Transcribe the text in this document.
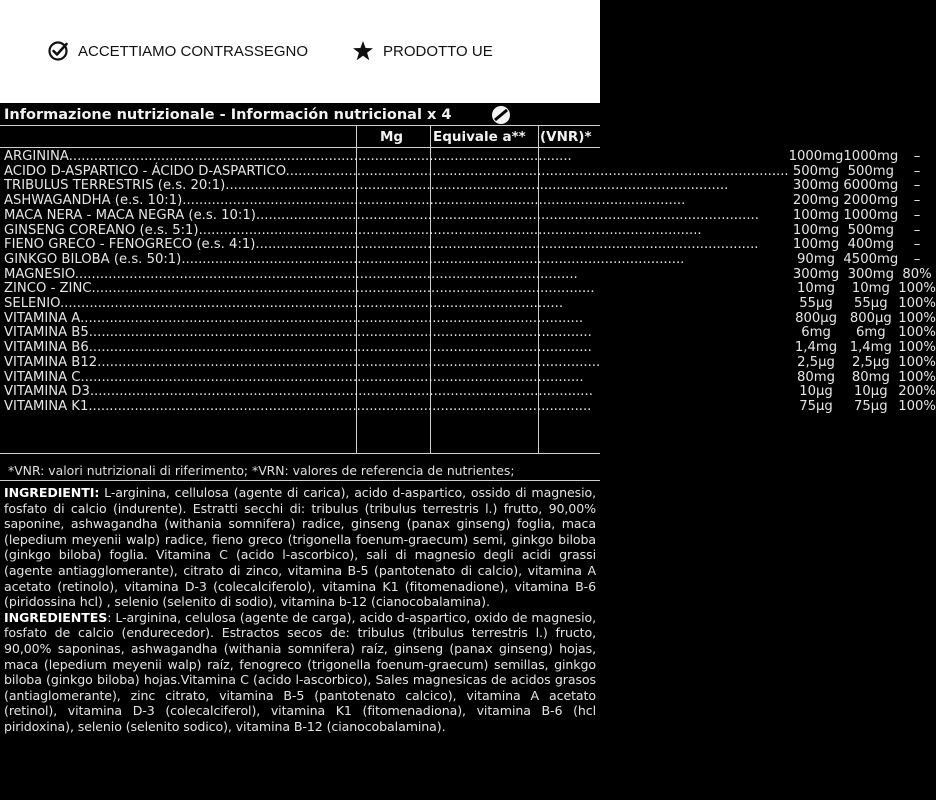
ACCETTIAMO CONTRASSEGNO	PRODOTTO UE
Informazione nutrizionale - Información nutricional x 4
Mg Equivale a** (VNR)*
ARGININA........................................................................................................................	1000mg	1000mg	–
ACIDO D-ASPARTICO - ÁCIDO D-ASPARTICO........................................................................................................................	500mg	500mg	–
TRIBULUS TERRESTRIS (e.s. 20:1)........................................................................................................................	300mg	6000mg	–
ASHWAGANDHA (e.s. 10:1)........................................................................................................................	200mg	2000mg	–
MACA NERA - MACA NEGRA (e.s. 10:1)........................................................................................................................	100mg	1000mg	–
GINSENG COREANO (e.s. 5:1)........................................................................................................................	100mg	500mg	–
FIENO GRECO - FENOGRECO (e.s. 4:1)........................................................................................................................	100mg	400mg	–
GINKGO BILOBA (e.s. 50:1)........................................................................................................................	90mg	4500mg	–
MAGNESIO........................................................................................................................	300mg	300mg	80%
ZINCO - ZINC........................................................................................................................	10mg	10mg	100%
SELENIO........................................................................................................................	55µg	55µg	100%
VITAMINA A........................................................................................................................	800µg	800µg	100%
VITAMINA B5........................................................................................................................	6mg	6mg	100%
VITAMINA B6........................................................................................................................	1,4mg	1,4mg	100%
VITAMINA B12........................................................................................................................	2,5µg	2,5µg	100%
VITAMINA C........................................................................................................................	80mg	80mg	100%
VITAMINA D3........................................................................................................................	10µg	10µg	200%
VITAMINA K1........................................................................................................................	75µg	75µg	100%
*VNR: valori nutrizionali di riferimento; *VRN: valores de referencia de nutrientes;
INGREDIENTI: L-arginina, cellulosa (agente di carica), acido d-aspartico, ossido di magnesio, fosfato di calcio (indurente). Estratti secchi di: tribulus (tribulus terrestris l.) frutto, 90,00% saponine, ashwagandha (withania somnifera) radice, ginseng (panax ginseng) foglia, maca (lepedium meyenii walp) radice, fieno greco (trigonella foenum-graecum) semi, ginkgo biloba (ginkgo biloba) foglia. Vitamina C (acido l-ascorbico), sali di magnesio degli acidi grassi (agente antiagglomerante), citrato di zinco, vitamina B-5 (pantotenato di calcio), vitamina A acetato (retinolo), vitamina D-3 (colecalciferolo), vitamina K1 (fitomenadione), vitamina B-6 (piridossina hcl) , selenio (selenito di sodio), vitamina b-12 (cianocobalamina).
INGREDIENTES: L-arginina, celulosa (agente de carga), acido d-aspartico, oxido de magnesio, fosfato de calcio (endurecedor). Estractos secos de: tribulus (tribulus terrestris l.) fructo, 90,00% saponinas, ashwagandha (withania somnifera) raíz, ginseng (panax ginseng) hojas, maca (lepedium meyenii walp) raíz, fenogreco (trigonella foenum-graecum) semillas, ginkgo biloba (ginkgo biloba) hojas.Vitamina C (acido l-ascorbico), Sales magnesicas de acidos grasos (antiaglomerante), zinc citrato, vitamina B-5 (pantotenato calcico), vitamina A acetato (retinol), vitamina D-3 (colecalciferol), vitamina K1 (fitomenadiona), vitamina B-6 (hcl piridoxina), selenio (selenito sodico), vitamina B-12 (cianocobalamina).
